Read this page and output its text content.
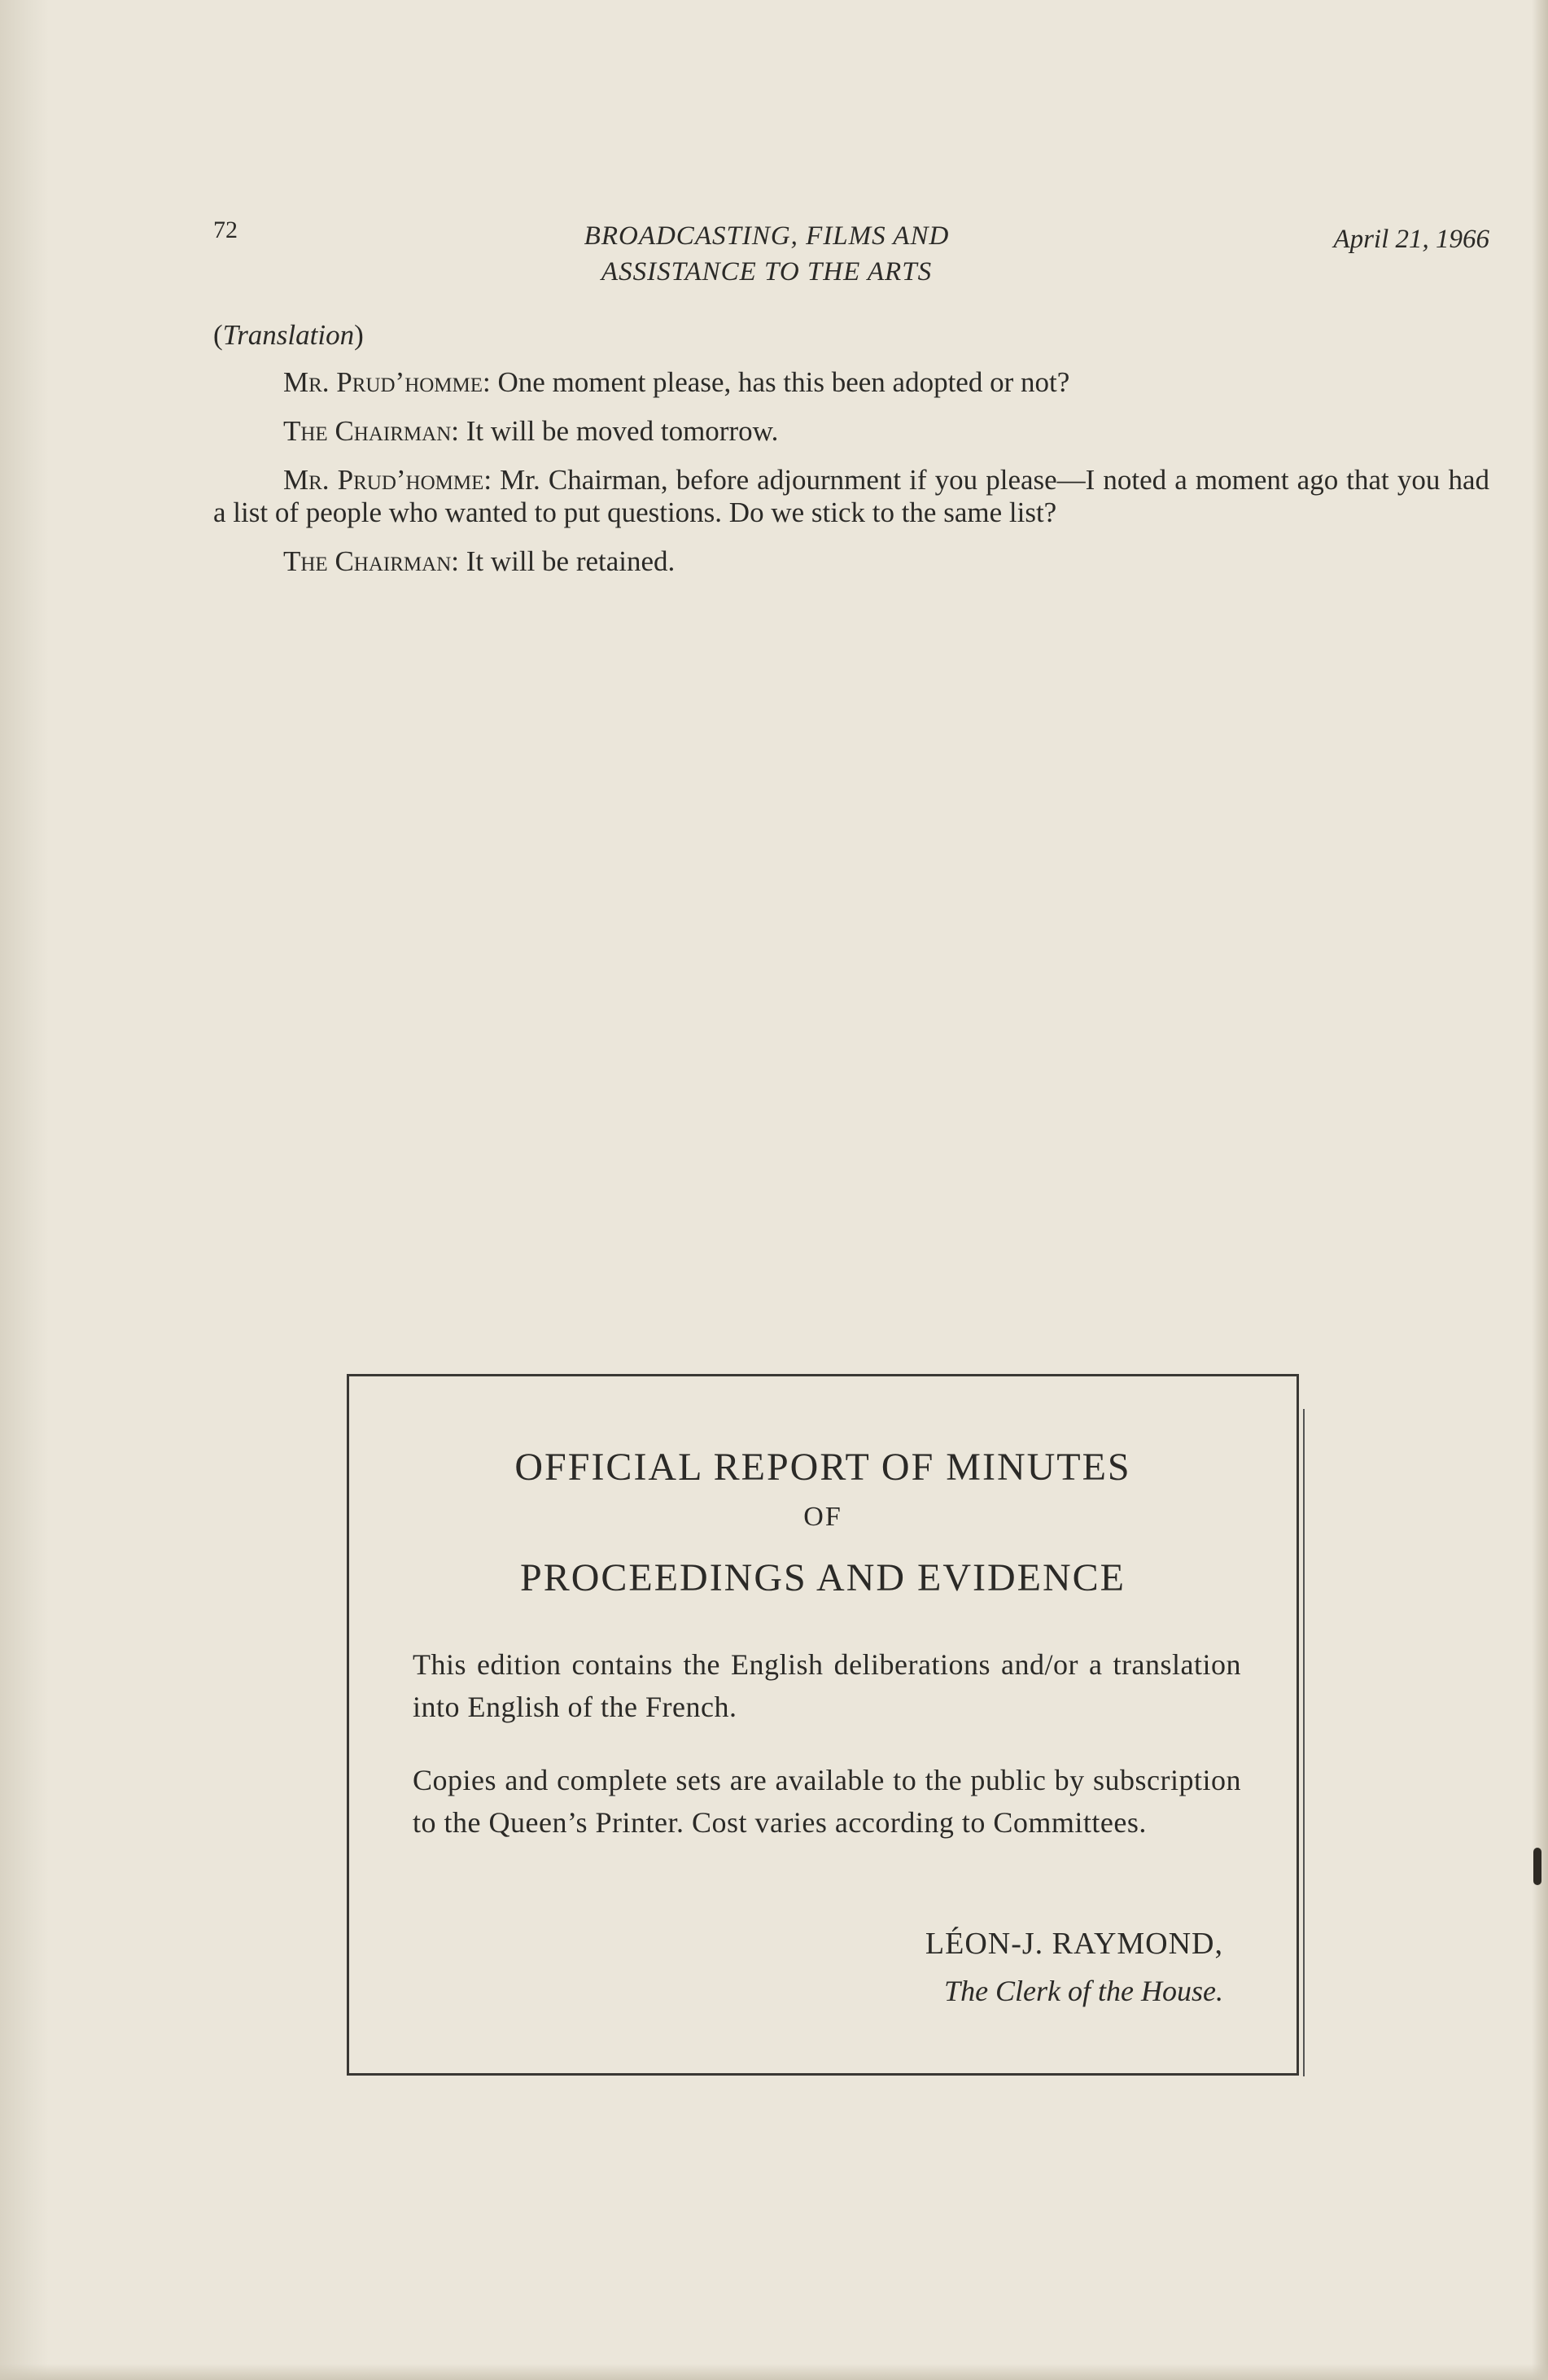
72	BROADCASTING, FILMS AND
ASSISTANCE TO THE ARTS
April 21, 1966

(Translation)

Mr. Prud’homme: One moment please, has this been adopted or not?

The Chairman: It will be moved tomorrow.

Mr. Prud’homme: Mr. Chairman, before adjournment if you please—I noted a moment ago that you had a list of people who wanted to put questions. Do we stick to the same list?

The Chairman: It will be retained.

OFFICIAL REPORT OF MINUTES
OF
PROCEEDINGS AND EVIDENCE
This edition contains the English deliberations and/or a translation into English of the French.
Copies and complete sets are available to the public by subscription to the Queen’s Printer. Cost varies according to Committees.
LÉON-J. RAYMOND,
The Clerk of the House.
